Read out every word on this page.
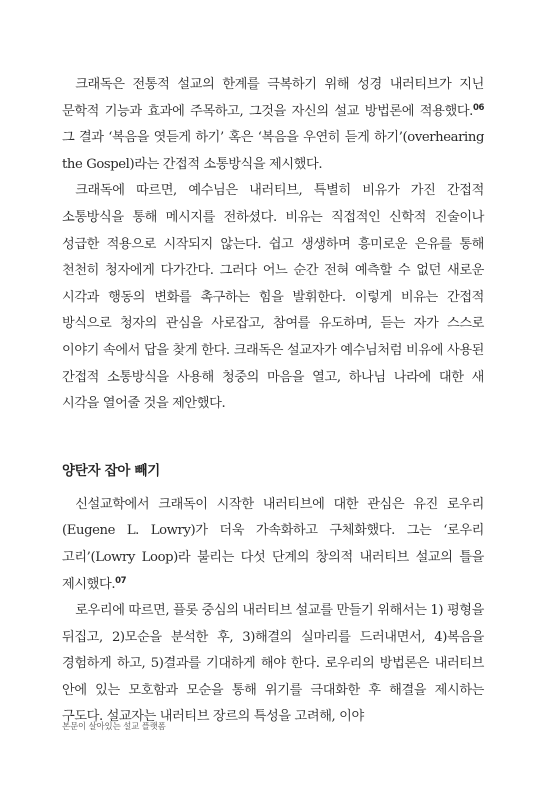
크래독은 전통적 설교의 한계를 극복하기 위해 성경 내러티브가 지닌 문학적 기능과 효과에 주목하고, 그것을 자신의 설교 방법론에 적용했다.$^{06}$ 그 결과 ‘복음을 엿듣게 하기’ 혹은 ‘복음을 우연히 듣게 하기’(overhearing the Gospel)라는 간접적 소통방식을 제시했다.

크래독에 따르면, 예수님은 내러티브, 특별히 비유가 가진 간접적 소통방식을 통해 메시지를 전하셨다. 비유는 직접적인 신학적 진술이나 성급한 적용으로 시작되지 않는다. 쉽고 생생하며 흥미로운 은유를 통해 천천히 청자에게 다가간다. 그러다 어느 순간 전혀 예측할 수 없던 새로운 시각과 행동의 변화를 촉구하는 힘을 발휘한다. 이렇게 비유는 간접적 방식으로 청자의 관심을 사로잡고, 참여를 유도하며, 듣는 자가 스스로 이야기 속에서 답을 찾게 한다. 크래독은 설교자가 예수님처럼 비유에 사용된 간접적 소통방식을 사용해 청중의 마음을 열고, 하나님 나라에 대한 새 시각을 열어줄 것을 제안했다.

양탄자 잡아 빼기

신설교학에서 크래독이 시작한 내러티브에 대한 관심은 유진 로우리(Eugene L. Lowry)가 더욱 가속화하고 구체화했다. 그는 ‘로우리 고리’(Lowry Loop)라 불리는 다섯 단계의 창의적 내러티브 설교의 틀을 제시했다.$^{07}$

로우리에 따르면, 플롯 중심의 내러티브 설교를 만들기 위해서는 1) 평형을 뒤집고, 2)모순을 분석한 후, 3)해결의 실마리를 드러내면서, 4)복음을 경험하게 하고, 5)결과를 기대하게 해야 한다. 로우리의 방법론은 내러티브 안에 있는 모호함과 모순을 통해 위기를 극대화한 후 해결을 제시하는 구도다. 설교자는 내러티브 장르의 특성을 고려해, 이야

본문이 살아있는 설교 플랫폼
